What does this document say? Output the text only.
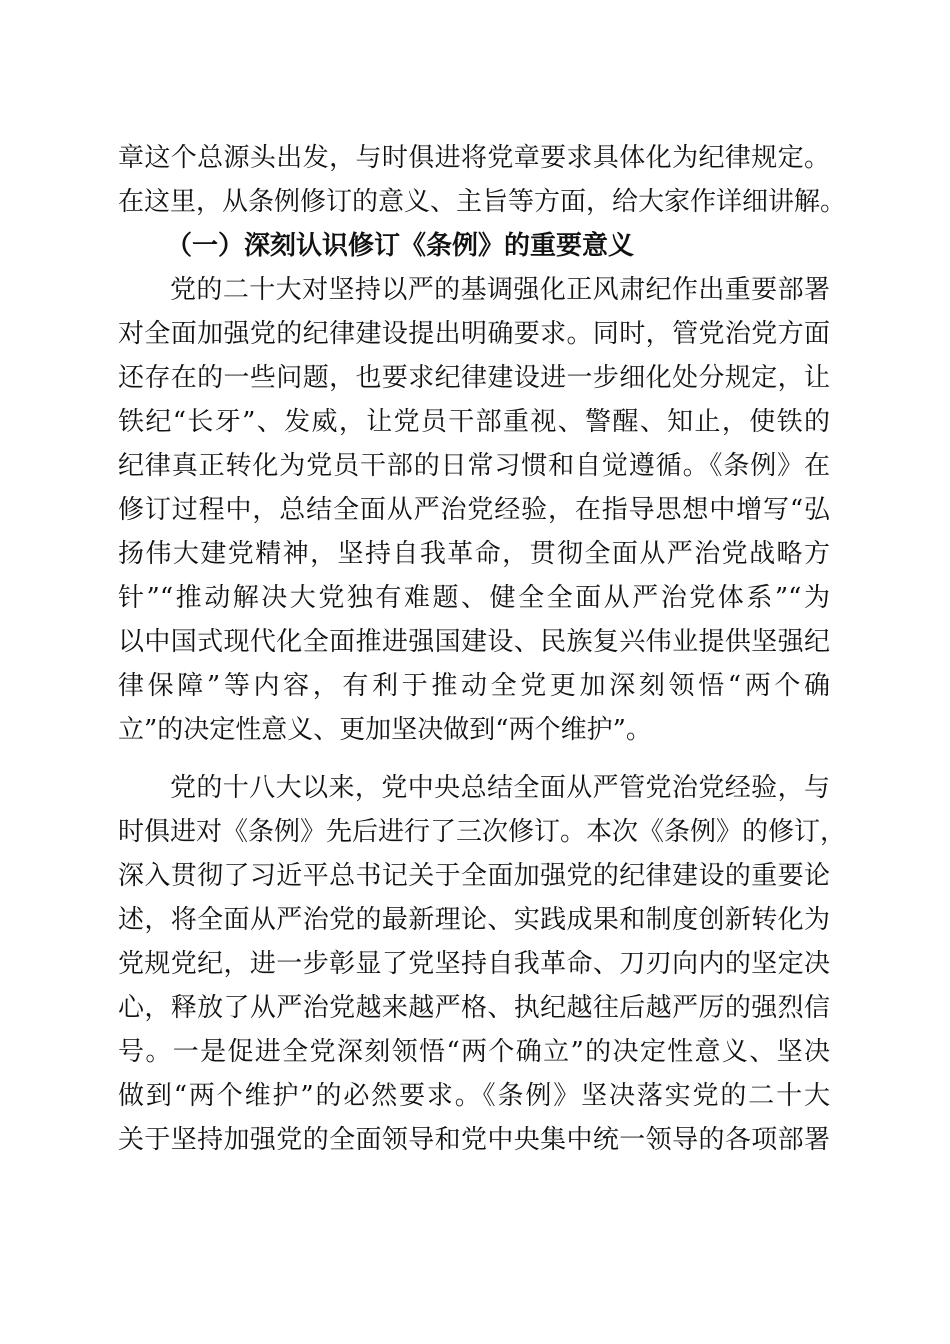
章这个总源头出发，与时俱进将党章要求具体化为纪律规定。
在这里，从条例修订的意义、主旨等方面，给大家作详细讲解。
（一）深刻认识修订《条例》的重要意义
党的二十大对坚持以严的基调强化正风肃纪作出重要部署
对全面加强党的纪律建设提出明确要求。同时，管党治党方面
还存在的一些问题，也要求纪律建设进一步细化处分规定，让
铁纪“长牙”、发威，让党员干部重视、警醒、知止，使铁的
纪律真正转化为党员干部的日常习惯和自觉遵循。《条例》在
修订过程中，总结全面从严治党经验，在指导思想中增写“弘
扬伟大建党精神，坚持自我革命，贯彻全面从严治党战略方
针”“推动解决大党独有难题、健全全面从严治党体系”“为
以中国式现代化全面推进强国建设、民族复兴伟业提供坚强纪
律保障”等内容，有利于推动全党更加深刻领悟“两个确
立”的决定性意义、更加坚决做到“两个维护”。
党的十八大以来，党中央总结全面从严管党治党经验，与
时俱进对《条例》先后进行了三次修订。本次《条例》的修订，
深入贯彻了习近平总书记关于全面加强党的纪律建设的重要论
述，将全面从严治党的最新理论、实践成果和制度创新转化为
党规党纪，进一步彰显了党坚持自我革命、刀刃向内的坚定决
心，释放了从严治党越来越严格、执纪越往后越严厉的强烈信
号。一是促进全党深刻领悟“两个确立”的决定性意义、坚决
做到“两个维护”的必然要求。《条例》坚决落实党的二十大
关于坚持加强党的全面领导和党中央集中统一领导的各项部署
